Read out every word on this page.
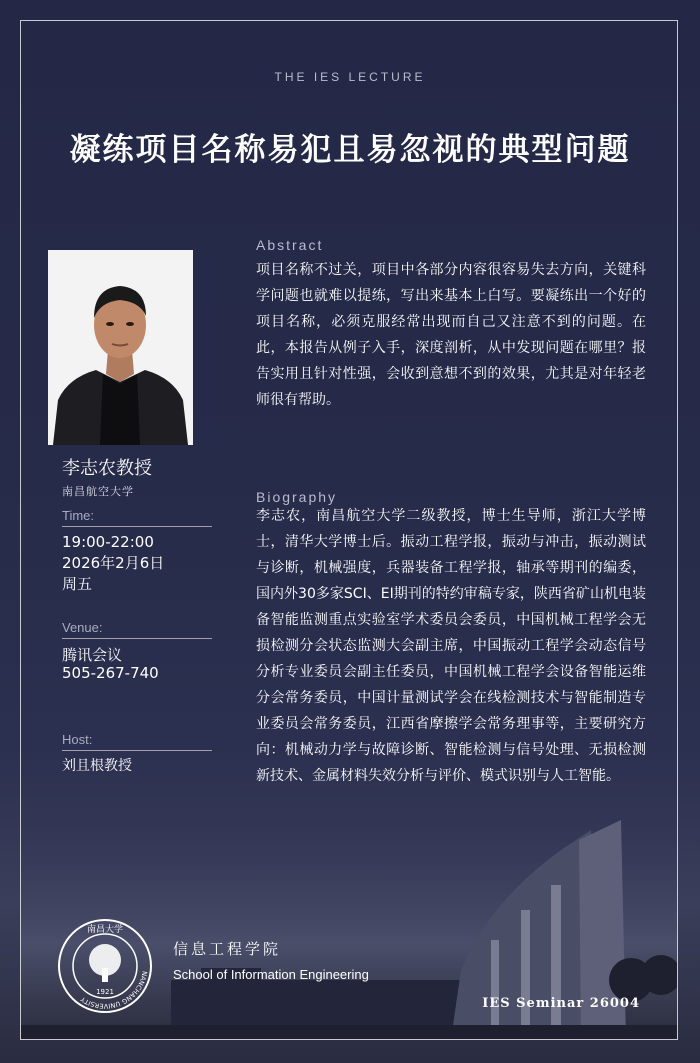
THE IES LECTURE
凝练项目名称易犯且易忽视的典型问题
李志农教授
南昌航空大学
Time:
19:00-22:00
2026年2月6日
周五
Venue:
腾讯会议
505-267-740
Host:
刘且根教授
Abstract

项目名称不过关，项目中各部分内容很容易失去方向，关键科学问题也就难以提练，写出来基本上白写。要凝练出一个好的项目名称，必须克服经常出现而自己又注意不到的问题。在此，本报告从例子入手，深度剖析，从中发现问题在哪里？报告实用且针对性强，会收到意想不到的效果，尤其是对年轻老师很有帮助。

Biography

李志农，南昌航空大学二级教授，博士生导师，浙江大学博士，清华大学博士后。振动工程学报，振动与冲击，振动测试与诊断，机械强度，兵器装备工程学报，轴承等期刊的编委，国内外30多家SCI、EI期刊的特约审稿专家，陕西省矿山机电装备智能监测重点实验室学术委员会委员，中国机械工程学会无损检测分会状态监测大会副主席，中国振动工程学会动态信号分析专业委员会副主任委员，中国机械工程学会设备智能运维分会常务委员，中国计量测试学会在线检测技术与智能制造专业委员会常务委员，江西省摩擦学会常务理事等，主要研究方向：机械动力学与故障诊断、智能检测与信号处理、无损检测新技术、金属材料失效分析与评价、模式识别与人工智能。

1921
南昌大学
NANCHANG UNIVERSITY
信息工程学院
School of Information Engineering
IES Seminar 26004
